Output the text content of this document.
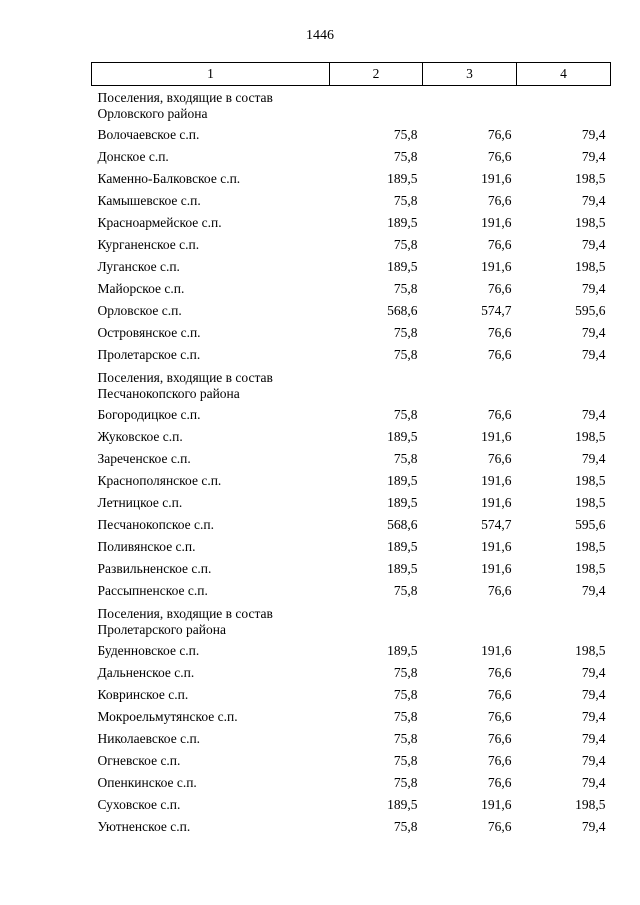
1446
1	2	3	4
Поселения, входящие в состав Орловского района			
Волочаевское с.п.	75,8	76,6	79,4
Донское с.п.	75,8	76,6	79,4
Каменно-Балковское с.п.	189,5	191,6	198,5
Камышевское с.п.	75,8	76,6	79,4
Красноармейское с.п.	189,5	191,6	198,5
Курганенское с.п.	75,8	76,6	79,4
Луганское с.п.	189,5	191,6	198,5
Майорское с.п.	75,8	76,6	79,4
Орловское с.п.	568,6	574,7	595,6
Островянское с.п.	75,8	76,6	79,4
Пролетарское с.п.	75,8	76,6	79,4
Поселения, входящие в состав Песчанокопского района			
Богородицкое с.п.	75,8	76,6	79,4
Жуковское с.п.	189,5	191,6	198,5
Зареченское с.п.	75,8	76,6	79,4
Краснополянское с.п.	189,5	191,6	198,5
Летницкое с.п.	189,5	191,6	198,5
Песчанокопское с.п.	568,6	574,7	595,6
Поливянское с.п.	189,5	191,6	198,5
Развильненское с.п.	189,5	191,6	198,5
Рассыпненское с.п.	75,8	76,6	79,4
Поселения, входящие в состав Пролетарского района			
Буденновское с.п.	189,5	191,6	198,5
Дальненское с.п.	75,8	76,6	79,4
Ковринское с.п.	75,8	76,6	79,4
Мокроельмутянское с.п.	75,8	76,6	79,4
Николаевское с.п.	75,8	76,6	79,4
Огневское с.п.	75,8	76,6	79,4
Опенкинское с.п.	75,8	76,6	79,4
Суховское с.п.	189,5	191,6	198,5
Уютненское с.п.	75,8	76,6	79,4
